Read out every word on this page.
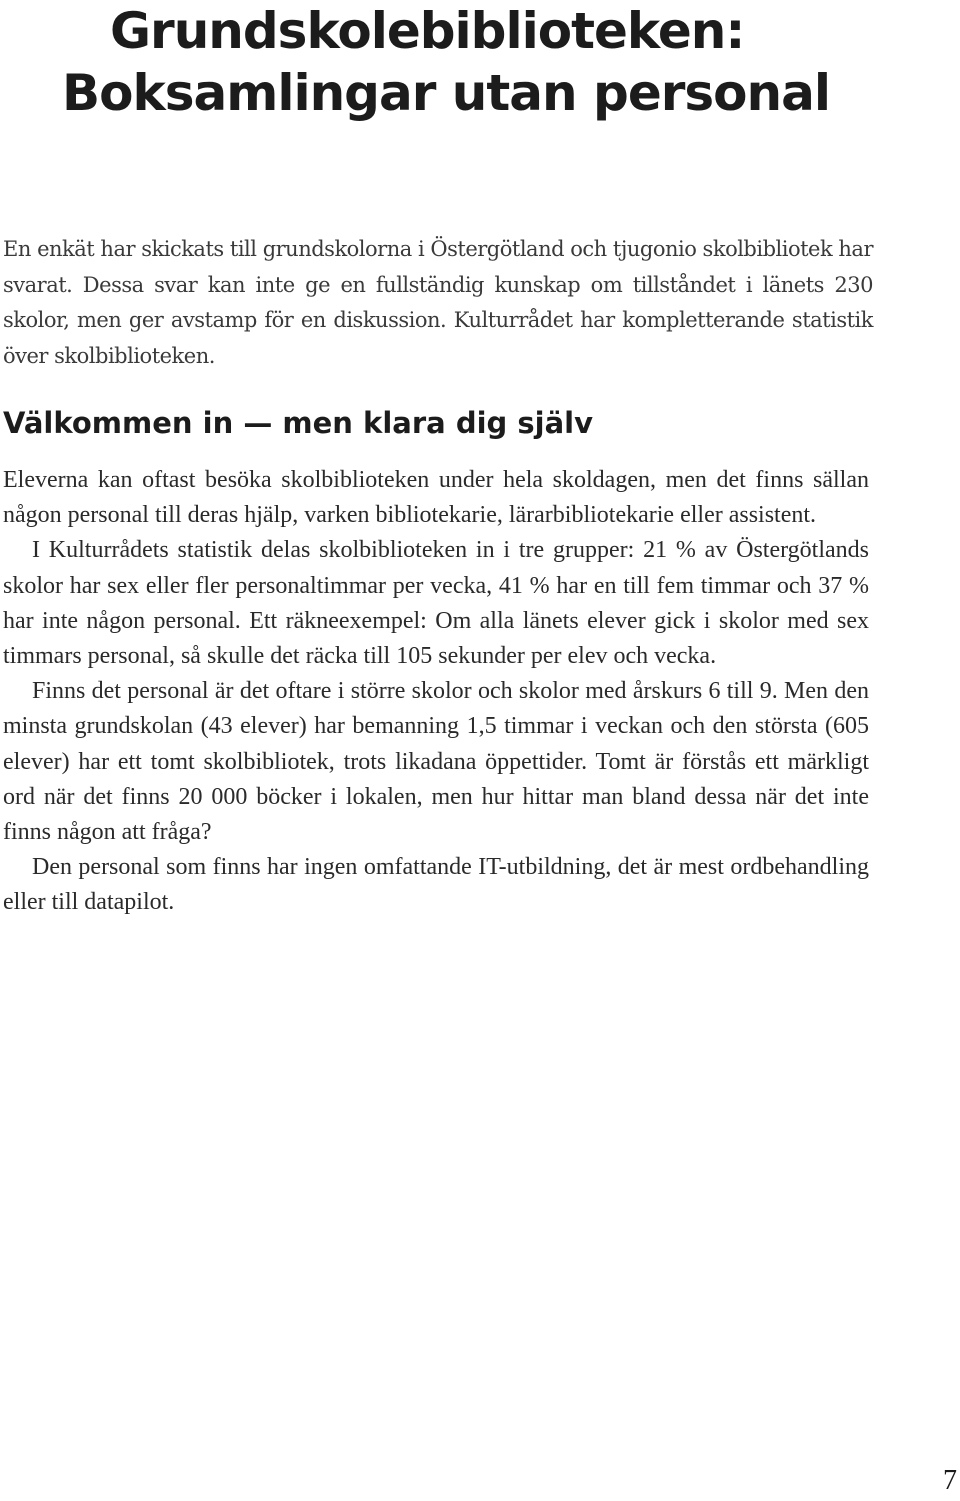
Grundskolebiblioteken:
Boksamlingar utan personal

En enkät har skickats till grundskolorna i Östergötland och tjugonio skolbibliotek har svarat. Dessa svar kan inte ge en fullständig kunskap om tillståndet i länets 230 skolor, men ger avstamp för en diskussion. Kulturrådet har kompletterande statistik över skolbiblioteken.

Välkommen in — men klara dig själv

Eleverna kan oftast besöka skolbiblioteken under hela skoldagen, men det finns sällan någon personal till deras hjälp, varken bibliotekarie, lärarbibliotekarie eller assistent.

I Kulturrådets statistik delas skolbiblioteken in i tre grupper: 21 % av Östergötlands skolor har sex eller fler personaltimmar per vecka, 41 % har en till fem timmar och 37 % har inte någon personal. Ett räkneexempel: Om alla länets elever gick i skolor med sex timmars personal, så skulle det räcka till 105 sekunder per elev och vecka.

Finns det personal är det oftare i större skolor och skolor med årskurs 6 till 9. Men den minsta grundskolan (43 elever) har bemanning 1,5 timmar i veckan och den största (605 elever) har ett tomt skolbibliotek, trots likadana öppettider. Tomt är förstås ett märkligt ord när det finns 20 000 böcker i lokalen, men hur hittar man bland dessa när det inte finns någon att fråga?

Den personal som finns har ingen omfattande IT-utbildning, det är mest ordbehandling eller till datapilot.

7
